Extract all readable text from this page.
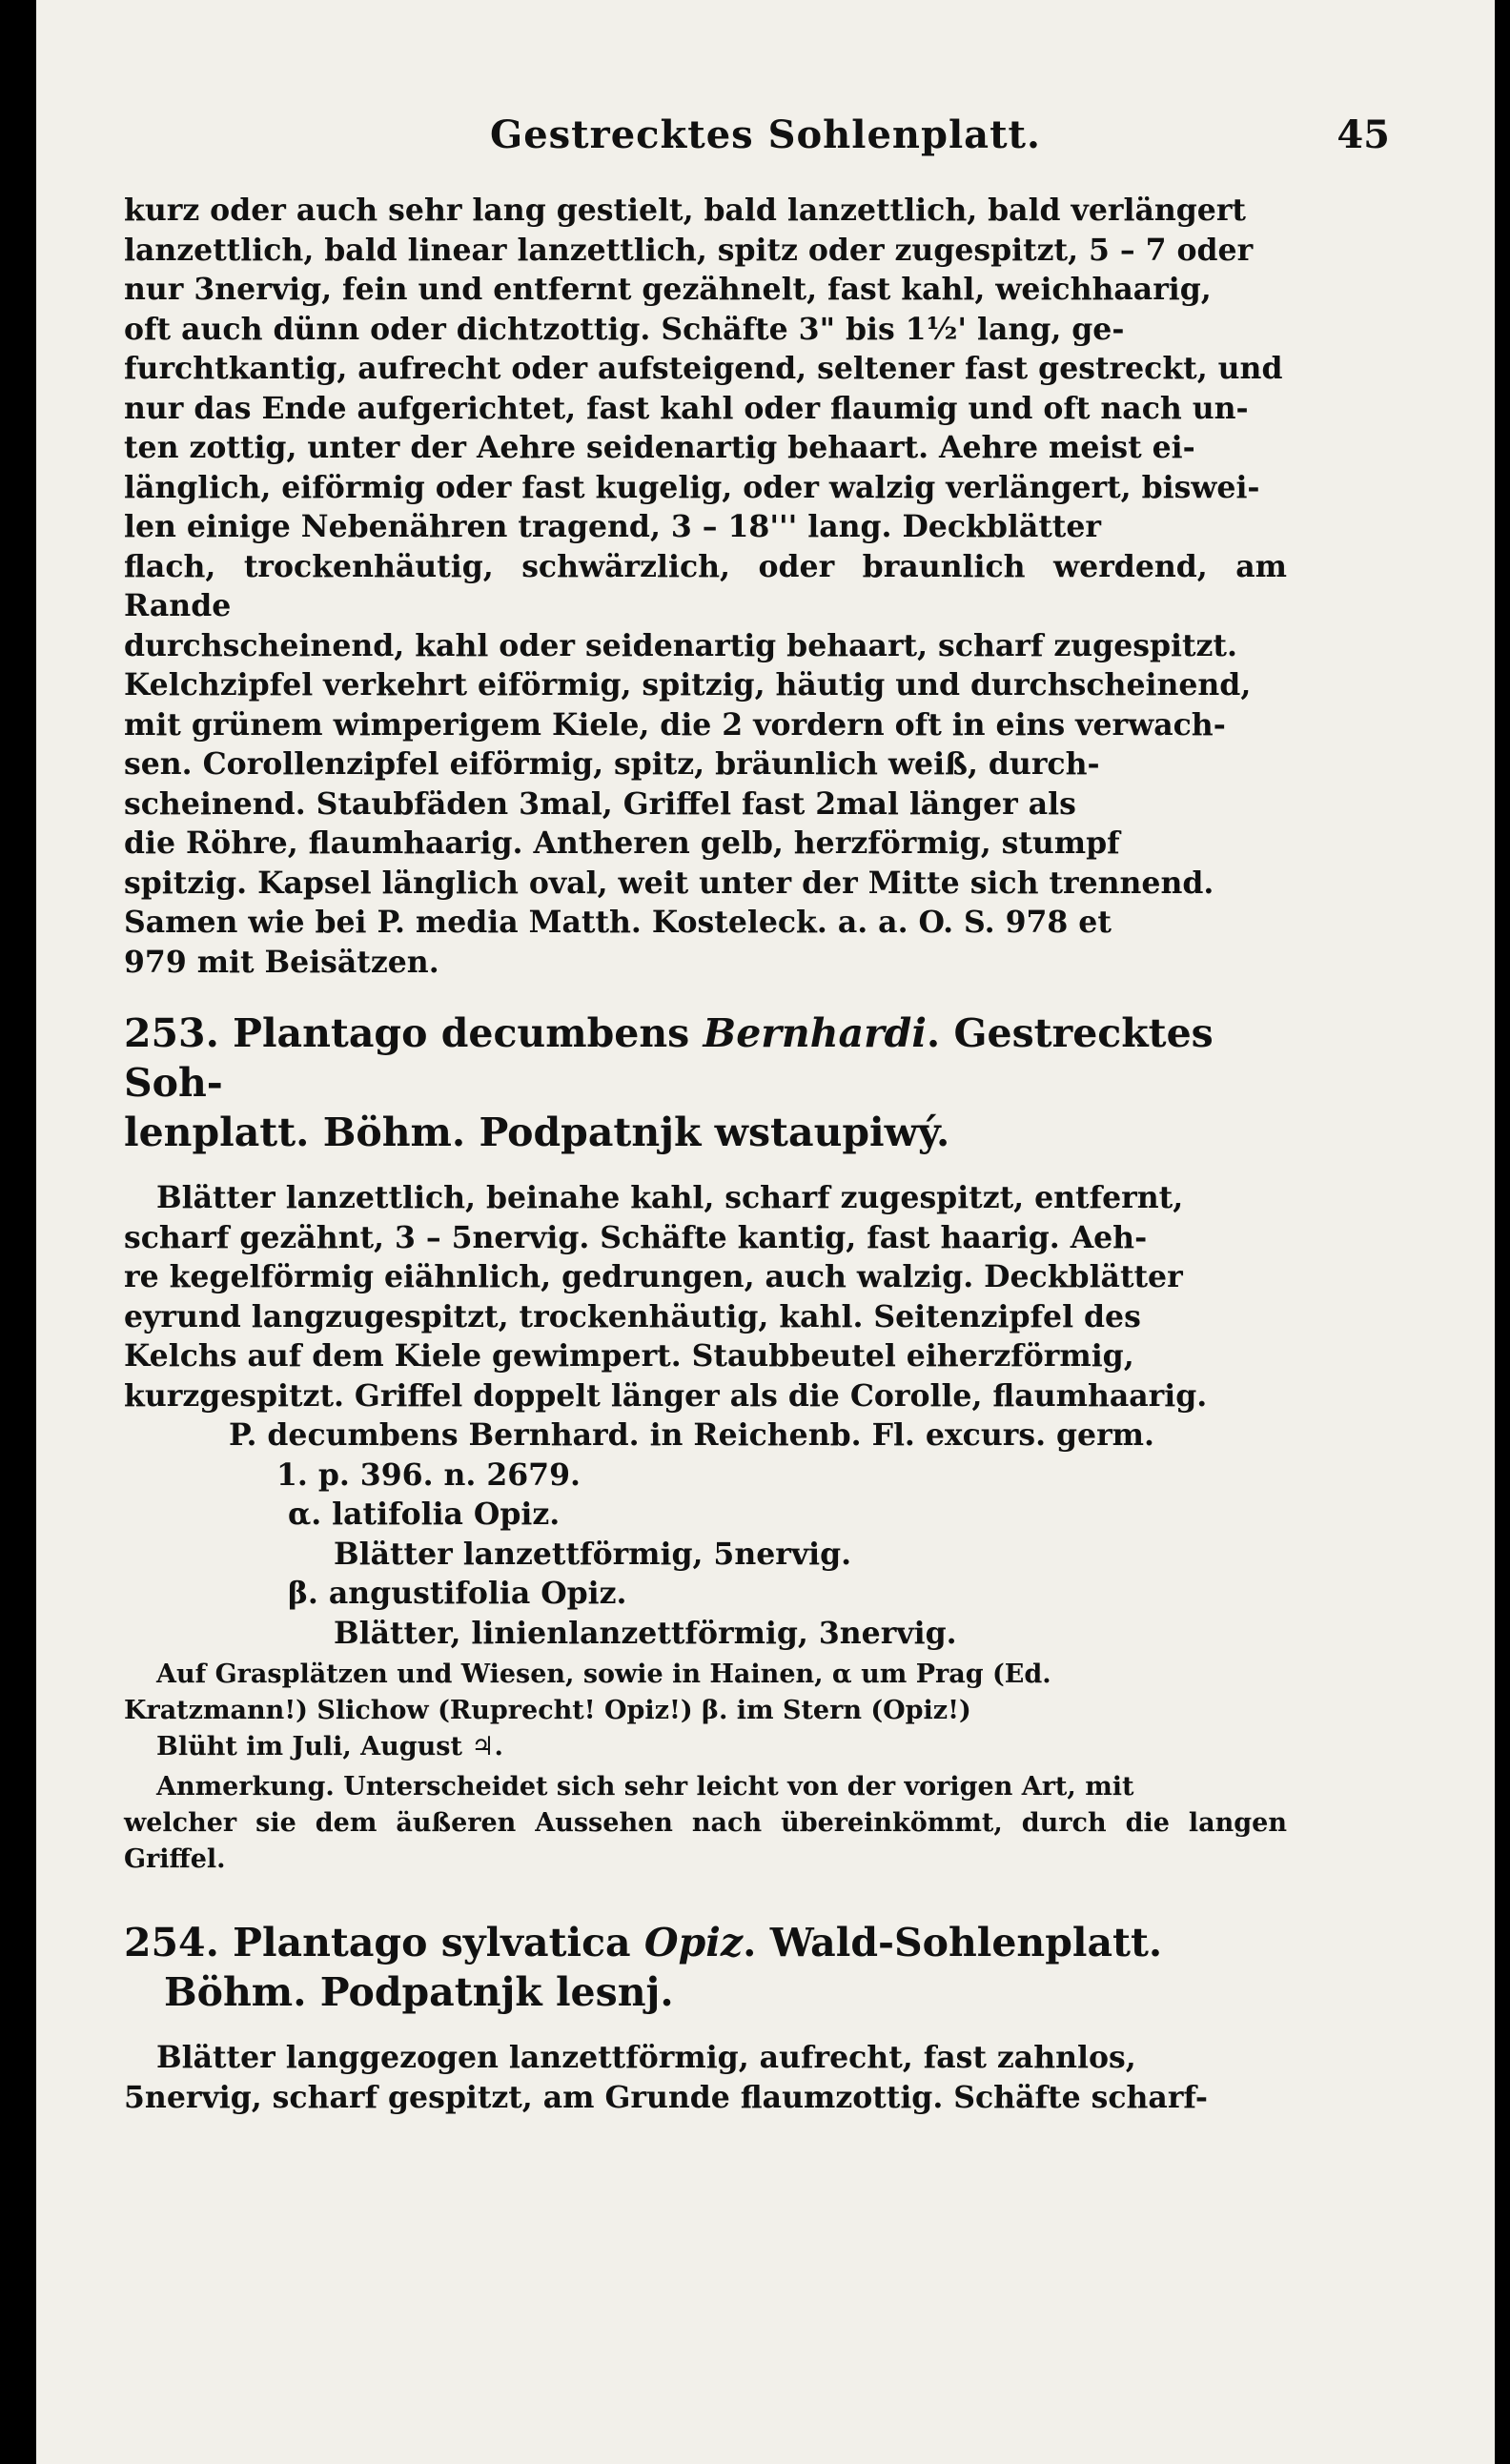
Gestrecktes Sohlenplatt.	45
kurz oder auch sehr lang gestielt, bald lanzettlich, bald verlängert
lanzettlich, bald linear lanzettlich, spitz oder zugespitzt, 5 – 7 oder
nur 3nervig, fein und entfernt gezähnelt, fast kahl, weichhaarig,
oft auch dünn oder dichtzottig. Schäfte 3" bis 1½' lang, ge-
furchtkantig, aufrecht oder aufsteigend, seltener fast gestreckt, und
nur das Ende aufgerichtet, fast kahl oder flaumig und oft nach un-
ten zottig, unter der Aehre seidenartig behaart. Aehre meist ei-
länglich, eiförmig oder fast kugelig, oder walzig verlängert, biswei-
len einige Nebenähren tragend, 3 – 18''' lang. Deckblätter
flach, trockenhäutig, schwärzlich, oder braunlich werdend, am Rande
durchscheinend, kahl oder seidenartig behaart, scharf zugespitzt.
Kelchzipfel verkehrt eiförmig, spitzig, häutig und durchscheinend,
mit grünem wimperigem Kiele, die 2 vordern oft in eins verwach-
sen. Corollenzipfel eiförmig, spitz, bräunlich weiß, durch-
scheinend. Staubfäden 3mal, Griffel fast 2mal länger als
die Röhre, flaumhaarig. Antheren gelb, herzförmig, stumpf
spitzig. Kapsel länglich oval, weit unter der Mitte sich trennend.
Samen wie bei P. media Matth. Kosteleck. a. a. O. S. 978 et
979 mit Beisätzen.
253. Plantago decumbens Bernhardi. Gestrecktes Soh-
lenplatt. Böhm. Podpatnjk wstaupiwý.
Blätter lanzettlich, beinahe kahl, scharf zugespitzt, entfernt,
scharf gezähnt, 3 – 5nervig. Schäfte kantig, fast haarig. Aeh-
re kegelförmig eiähnlich, gedrungen, auch walzig. Deckblätter
eyrund langzugespitzt, trockenhäutig, kahl. Seitenzipfel des
Kelchs auf dem Kiele gewimpert. Staubbeutel eiherzförmig,
kurzgespitzt. Griffel doppelt länger als die Corolle, flaumhaarig.
P. decumbens Bernhard. in Reichenb. Fl. excurs. germ.
1. p. 396. n. 2679.
α. latifolia Opiz.
Blätter lanzettförmig, 5nervig.
β. angustifolia Opiz.
Blätter, linienlanzettförmig, 3nervig.
Auf Grasplätzen und Wiesen, sowie in Hainen, α um Prag (Ed.
Kratzmann!) Slichow (Ruprecht! Opiz!) β. im Stern (Opiz!)
Blüht im Juli, August ♃.
Anmerkung. Unterscheidet sich sehr leicht von der vorigen Art, mit
welcher sie dem äußeren Aussehen nach übereinkömmt, durch die langen Griffel.
254. Plantago sylvatica Opiz. Wald-Sohlenplatt.
Böhm. Podpatnjk lesnj.
Blätter langgezogen lanzettförmig, aufrecht, fast zahnlos,
5nervig, scharf gespitzt, am Grunde flaumzottig. Schäfte scharf-
